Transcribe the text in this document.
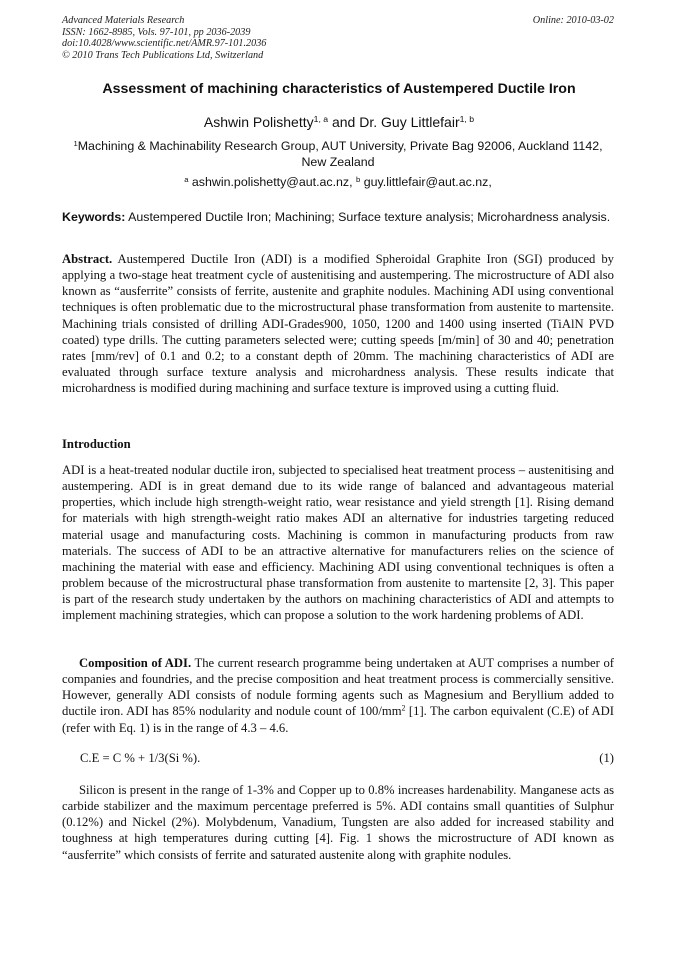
Advanced Materials Research
ISSN: 1662-8985, Vols. 97-101, pp 2036-2039
doi:10.4028/www.scientific.net/AMR.97-101.2036
© 2010 Trans Tech Publications Ltd, Switzerland
Online: 2010-03-02
Assessment of machining characteristics of Austempered Ductile Iron
Ashwin Polishetty$^{1, a}$ and Dr. Guy Littlefair$^{1, b}$
$^1$Machining & Machinability Research Group, AUT University, Private Bag 92006, Auckland 1142, New Zealand
$^a$ ashwin.polishetty@aut.ac.nz, $^b$ guy.littlefair@aut.ac.nz,
Keywords: Austempered Ductile Iron; Machining; Surface texture analysis; Microhardness analysis.
Abstract. Austempered Ductile Iron (ADI) is a modified Spheroidal Graphite Iron (SGI) produced by applying a two-stage heat treatment cycle of austenitising and austempering. The microstructure of ADI also known as “ausferrite” consists of ferrite, austenite and graphite nodules. Machining ADI using conventional techniques is often problematic due to the microstructural phase transformation from austenite to martensite. Machining trials consisted of drilling ADI-Grades900, 1050, 1200 and 1400 using inserted (TiAlN PVD coated) type drills. The cutting parameters selected were; cutting speeds [m/min] of 30 and 40; penetration rates [mm/rev] of 0.1 and 0.2; to a constant depth of 20mm. The machining characteristics of ADI are evaluated through surface texture analysis and microhardness analysis. These results indicate that microhardness is modified during machining and surface texture is improved using a cutting fluid.
Introduction
ADI is a heat-treated nodular ductile iron, subjected to specialised heat treatment process – austenitising and austempering. ADI is in great demand due to its wide range of balanced and advantageous material properties, which include high strength-weight ratio, wear resistance and yield strength [1]. Rising demand for materials with high strength-weight ratio makes ADI an alternative for industries targeting reduced material usage and manufacturing costs. Machining is common in manufacturing products from raw materials. The success of ADI to be an attractive alternative for manufacturers relies on the science of machining the material with ease and efficiency. Machining ADI using conventional techniques is often a problem because of the microstructural phase transformation from austenite to martensite [2, 3]. This paper is part of the research study undertaken by the authors on machining characteristics of ADI and attempts to implement machining strategies, which can propose a solution to the work hardening problems of ADI.
Composition of ADI. The current research programme being undertaken at AUT comprises a number of companies and foundries, and the precise composition and heat treatment process is commercially sensitive. However, generally ADI consists of nodule forming agents such as Magnesium and Beryllium added to ductile iron. ADI has 85% nodularity and nodule count of $100/mm^2$ [1]. The carbon equivalent (C.E) of ADI (refer with Eq. 1) is in the range of 4.3 – 4.6.
C.E = C % + 1/3(Si %).	(1)
Silicon is present in the range of 1-3% and Copper up to 0.8% increases hardenability. Manganese acts as carbide stabilizer and the maximum percentage preferred is 5%. ADI contains small quantities of Sulphur (0.12%) and Nickel (2%). Molybdenum, Vanadium, Tungsten are also added for increased stability and toughness at high temperatures during cutting [4]. Fig. 1 shows the microstructure of ADI known as “ausferrite” which consists of ferrite and saturated austenite along with graphite nodules.
